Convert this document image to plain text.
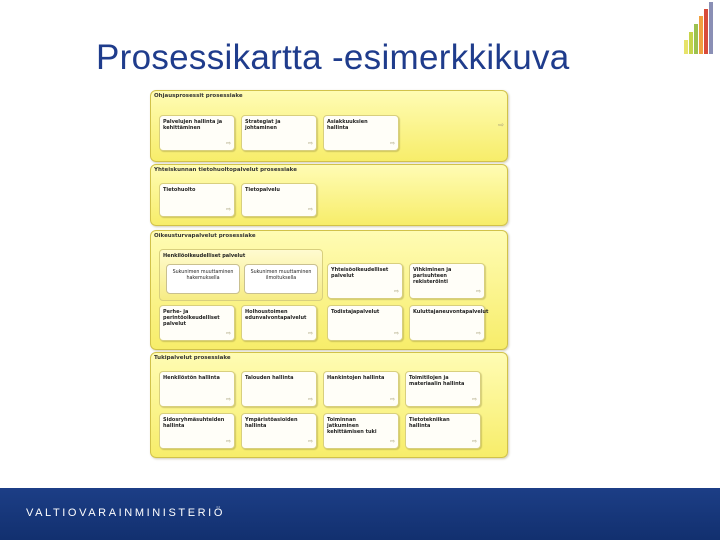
Prosessikartta -esimerkkikuva
Ohjausprosessit prosessiake
Palvelujen hallinta ja kehittäminen
⇨
Strategiat ja johtaminen
⇨
Asiakkuuksien hallinta
⇨
⇨
Yhteiskunnan tietohuoltopalvelut prosessiake
Tietohuolto
⇨
Tietopalvelu
⇨
Oikeusturvapalvelut prosessiake
Henkilöoikeudelliset palvelut
Sukunimen muuttaminen hakemuksella
Sukunimen muuttaminen ilmoituksella
Yhteisöoikeudelliset palvelut
⇨
Vihkiminen ja parisuhteen rekisteröinti
⇨
Perhe- ja perintöoikeudelliset palvelut
⇨
Holhoustoimen edunvalvontapalvelut
⇨
Todistajapalvelut
⇨
Kuluttajaneuvontapalvelut
⇨
Tukipalvelut prosessiake
Henkilöstön hallinta
⇨
Talouden hallinta
⇨
Hankintojen hallinta
⇨
Toimitilojen ja materiaalin hallinta
⇨
Sidosryhmäsuhteiden hallinta
⇨
Ympäristöasioiden hallinta
⇨
Toiminnan jatkuminen kehittämisen tuki
⇨
Tietotekniikan hallinta
⇨
VALTIOVARAINMINISTERIÖ
